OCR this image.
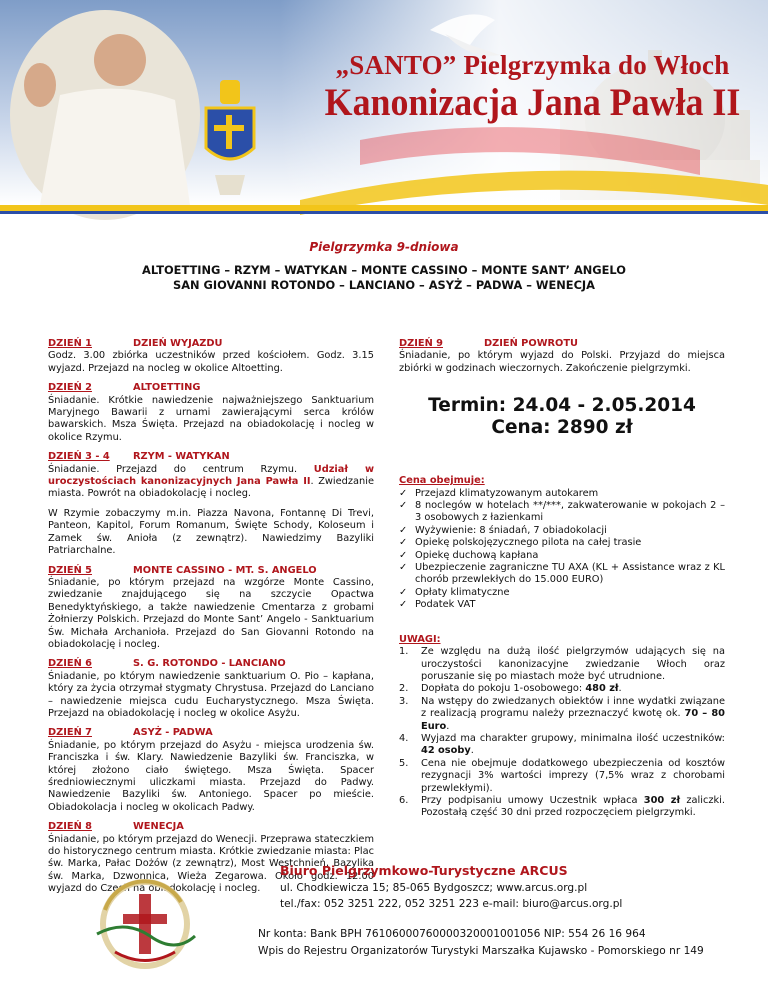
„SANTO” Pielgrzymka do Włoch
Kanonizacja Jana Pawła II
Pielgrzymka 9-dniowa
ALTOETTING – RZYM – WATYKAN – MONTE CASSINO – MONTE SANT’ ANGELO
SAN GIOVANNI ROTONDO – LANCIANO – ASYŻ – PADWA – WENECJA
DZIEŃ 1	DZIEŃ WYJAZDU
Godz. 3.00 zbiórka uczestników przed kościołem. Godz. 3.15 wyjazd. Przejazd na nocleg w okolice Altoetting.
DZIEŃ 2	ALTOETTING
Śniadanie. Krótkie nawiedzenie najważniejszego Sanktuarium Maryjnego Bawarii z urnami zawierającymi serca królów bawarskich. Msza Święta. Przejazd na obiadokolację i nocleg w okolice Rzymu.
DZIEŃ 3 - 4	RZYM - WATYKAN
Śniadanie. Przejazd do centrum Rzymu. Udział w uroczystościach kanonizacyjnych Jana Pawła II. Zwiedzanie miasta. Powrót na obiadokolację i nocleg.
W Rzymie zobaczymy m.in. Piazza Navona, Fontannę Di Trevi, Panteon, Kapitol, Forum Romanum, Święte Schody, Koloseum i Zamek św. Anioła (z zewnątrz). Nawiedzimy Bazyliki Patriarchalne.
DZIEŃ 5	MONTE CASSINO - MT. S. ANGELO
Śniadanie, po którym przejazd na wzgórze Monte Cassino, zwiedzanie znajdującego się na szczycie Opactwa Benedyktyńskiego, a także nawiedzenie Cmentarza z grobami Żołnierzy Polskich. Przejazd do Monte Sant’ Angelo - Sanktuarium Św. Michała Archanioła. Przejazd do San Giovanni Rotondo na obiadokolację i nocleg.
DZIEŃ 6	S. G. ROTONDO - LANCIANO
Śniadanie, po którym nawiedzenie sanktuarium O. Pio – kapłana, który za życia otrzymał stygmaty Chrystusa. Przejazd do Lanciano – nawiedzenie miejsca cudu Eucharystycznego. Msza Święta. Przejazd na obiadokolację i nocleg w okolice Asyżu.
DZIEŃ 7	ASYŻ - PADWA
Śniadanie, po którym przejazd do Asyżu - miejsca urodzenia św. Franciszka i św. Klary. Nawiedzenie Bazyliki św. Franciszka, w której złożono ciało świętego. Msza Święta. Spacer średniowiecznymi uliczkami miasta. Przejazd do Padwy. Nawiedzenie Bazyliki św. Antoniego. Spacer po mieście. Obiadokolacja i nocleg w okolicach Padwy.
DZIEŃ 8	WENECJA
Śniadanie, po którym przejazd do Wenecji. Przeprawa stateczkiem do historycznego centrum miasta. Krótkie zwiedzanie miasta: Plac św. Marka, Pałac Dożów (z zewnątrz), Most Westchnień, Bazylika św. Marka, Dzwonnica, Wieża Zegarowa. Około godz. 12.00 wyjazd do Czech na obiadokolację i nocleg.
DZIEŃ 9	DZIEŃ POWROTU
Śniadanie, po którym wyjazd do Polski. Przyjazd do miejsca zbiórki w godzinach wieczornych. Zakończenie pielgrzymki.
Termin: 24.04 - 2.05.2014
Cena: 2890 zł
Cena obejmuje:
✓ Przejazd klimatyzowanym autokarem
✓ 8 noclegów w hotelach **/***, zakwaterowanie w pokojach 2 – 3 osobowych z łazienkami
✓ Wyżywienie: 8 śniadań, 7 obiadokolacji
✓ Opiekę polskojęzycznego pilota na całej trasie
✓ Opiekę duchową kapłana
✓ Ubezpieczenie zagraniczne TU AXA (KL + Assistance wraz z KL chorób przewlekłych do 15.000 EURO)
✓ Opłaty klimatyczne
✓ Podatek VAT
UWAGI:
1.	Ze względu na dużą ilość pielgrzymów udających się na uroczystości kanonizacyjne zwiedzanie Włoch oraz poruszanie się po miastach może być utrudnione.
2.	Dopłata do pokoju 1-osobowego: 480 zł.
3.	Na wstępy do zwiedzanych obiektów i inne wydatki związane z realizacją programu należy przeznaczyć kwotę ok. 70 – 80 Euro.
4.	Wyjazd ma charakter grupowy, minimalna ilość uczestników: 42 osoby.
5.	Cena nie obejmuje dodatkowego ubezpieczenia od kosztów rezygnacji 3% wartości imprezy (7,5% wraz z chorobami przewlekłymi).
6.	Przy podpisaniu umowy Uczestnik wpłaca 300 zł zaliczki. Pozostałą część 30 dni przed rozpoczęciem pielgrzymki.
Biuro Pielgrzymkowo-Turystyczne ARCUS
ul. Chodkiewicza 15; 85-065 Bydgoszcz; www.arcus.org.pl
tel./fax: 052 3251 222, 052 3251 223 e-mail: biuro@arcus.org.pl
Nr konta: Bank BPH 76106000760000320001001056 NIP: 554 26 16 964
Wpis do Rejestru Organizatorów Turystyki Marszałka Kujawsko - Pomorskiego nr 149
